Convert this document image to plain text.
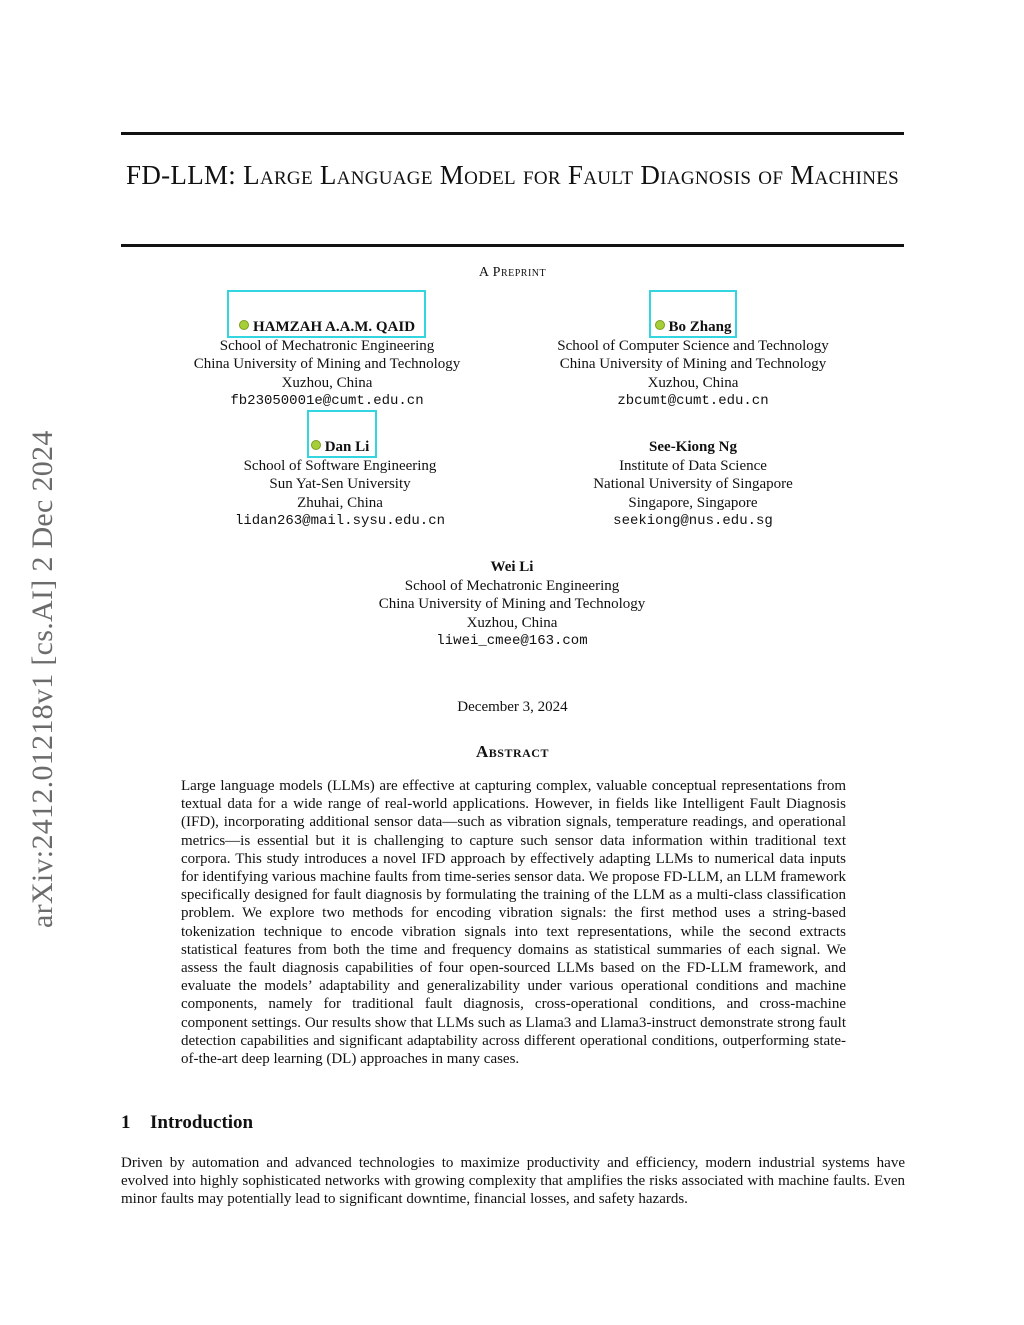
arXiv:2412.01218v1 [cs.AI] 2 Dec 2024
FD-LLM: Large Language Model for Fault Diagnosis of Machines
A Preprint
HAMZAH A.A.M. QAID
School of Mechatronic Engineering
China University of Mining and Technology
Xuzhou, China
fb23050001e@cumt.edu.cn
Bo Zhang
School of Computer Science and Technology
China University of Mining and Technology
Xuzhou, China
zbcumt@cumt.edu.cn
Dan Li
School of Software Engineering
Sun Yat-Sen University
Zhuhai, China
lidan263@mail.sysu.edu.cn
See-Kiong Ng
Institute of Data Science
National University of Singapore
Singapore, Singapore
seekiong@nus.edu.sg
Wei Li
School of Mechatronic Engineering
China University of Mining and Technology
Xuzhou, China
liwei_cmee@163.com
December 3, 2024
Abstract
Large language models (LLMs) are effective at capturing complex, valuable conceptual representations from textual data for a wide range of real-world applications. However, in fields like Intelligent Fault Diagnosis (IFD), incorporating additional sensor data—such as vibration signals, temperature readings, and operational metrics—is essential but it is challenging to capture such sensor data information within traditional text corpora. This study introduces a novel IFD approach by effectively adapting LLMs to numerical data inputs for identifying various machine faults from time-series sensor data. We propose FD-LLM, an LLM framework specifically designed for fault diagnosis by formulating the training of the LLM as a multi-class classification problem. We explore two methods for encoding vibration signals: the first method uses a string-based tokenization technique to encode vibration signals into text representations, while the second extracts statistical features from both the time and frequency domains as statistical summaries of each signal. We assess the fault diagnosis capabilities of four open-sourced LLMs based on the FD-LLM framework, and evaluate the models’ adaptability and generalizability under various operational conditions and machine components, namely for traditional fault diagnosis, cross-operational conditions, and cross-machine component settings. Our results show that LLMs such as Llama3 and Llama3-instruct demonstrate strong fault detection capabilities and significant adaptability across different operational conditions, outperforming state-of-the-art deep learning (DL) approaches in many cases.
1 Introduction
Driven by automation and advanced technologies to maximize productivity and efficiency, modern industrial systems have evolved into highly sophisticated networks with growing complexity that amplifies the risks associated with machine faults. Even minor faults may potentially lead to significant downtime, financial losses, and safety hazards.
